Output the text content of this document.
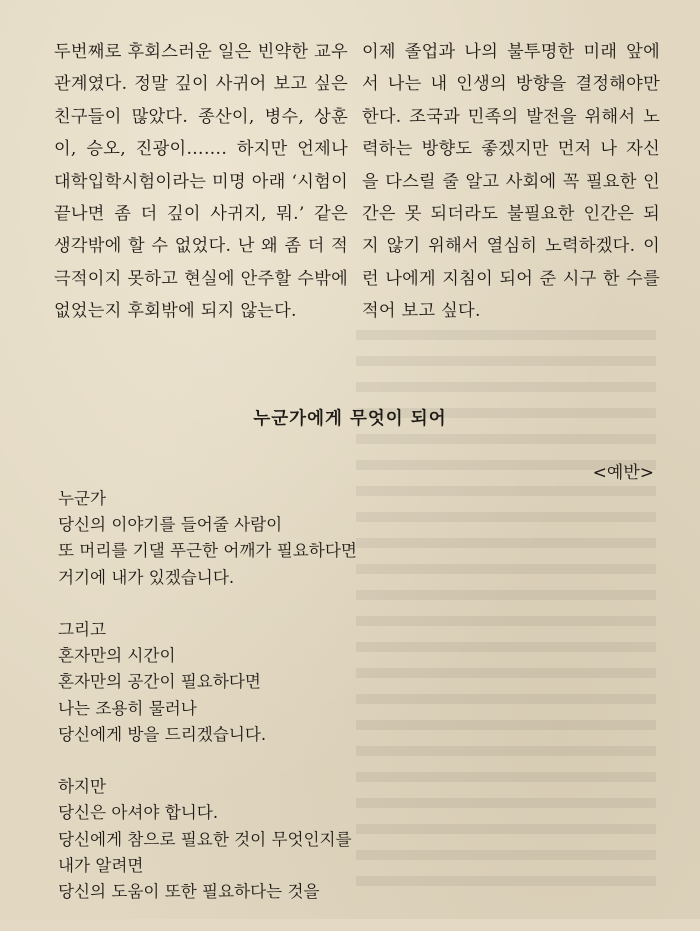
두번째로 후회스러운 일은 빈약한 교우관계였다. 정말 깊이 사귀어 보고 싶은 친구들이 많았다. 종산이, 병수, 상훈이, 승오, 진광이……. 하지만 언제나 대학입학시험이라는 미명 아래 ‘시험이 끝나면 좀 더 깊이 사귀지, 뭐.’ 같은 생각밖에 할 수 없었다. 난 왜 좀 더 적극적이지 못하고 현실에 안주할 수밖에 없었는지 후회밖에 되지 않는다.

이제 졸업과 나의 불투명한 미래 앞에서 나는 내 인생의 방향을 결정해야만 한다. 조국과 민족의 발전을 위해서 노력하는 방향도 좋겠지만 먼저 나 자신을 다스릴 줄 알고 사회에 꼭 필요한 인간은 못 되더라도 불필요한 인간은 되지 않기 위해서 열심히 노력하겠다. 이런 나에게 지침이 되어 준 시구 한 수를 적어 보고 싶다.

누군가에게 무엇이 되어
<예반>
누군가
당신의 이야기를 들어줄 사람이
또 머리를 기댈 푸근한 어깨가 필요하다면
거기에 내가 있겠습니다.
그리고
혼자만의 시간이
혼자만의 공간이 필요하다면
나는 조용히 물러나
당신에게 방을 드리겠습니다.
하지만
당신은 아셔야 합니다.
당신에게 참으로 필요한 것이 무엇인지를
내가 알려면
당신의 도움이 또한 필요하다는 것을
